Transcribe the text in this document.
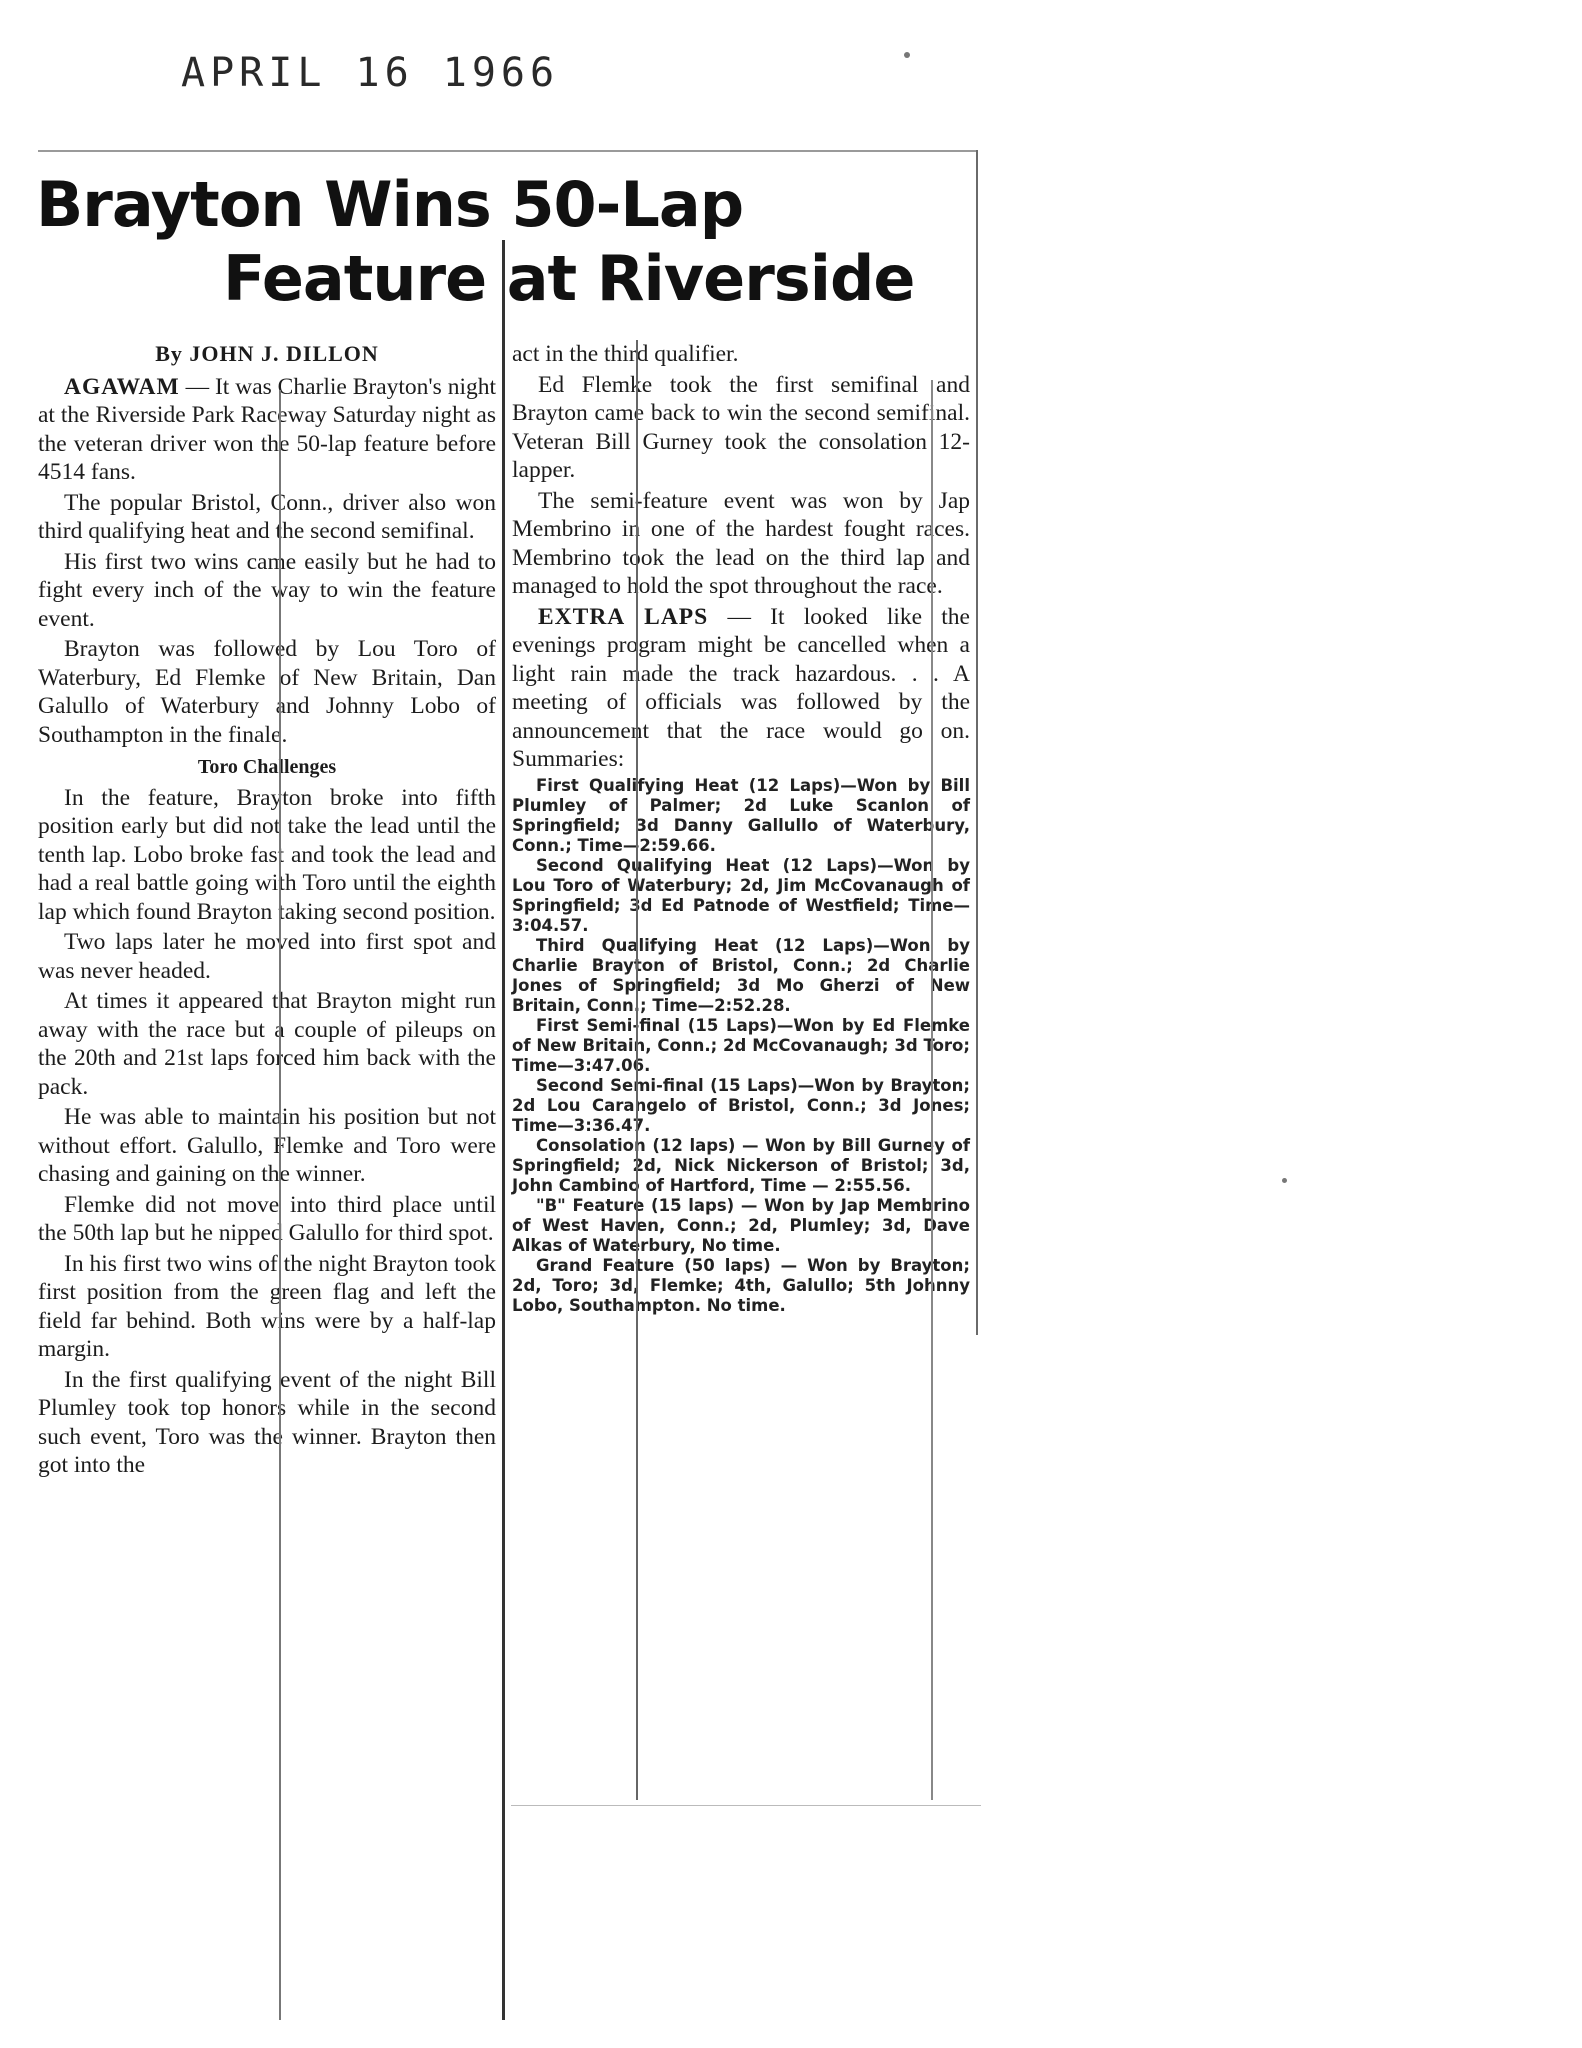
APRIL 16 1966
Brayton Wins 50-Lap
Feature at Riverside
By JOHN J. DILLON

AGAWAM — It was Charlie Brayton's night at the Riverside Park Raceway Saturday night as the veteran driver won the 50-lap feature before 4514 fans.

The popular Bristol, Conn., driver also won third qualifying heat and the second semifinal.

His first two wins came easily but he had to fight every inch of the way to win the feature event.

Brayton was followed by Lou Toro of Waterbury, Ed Flemke of New Britain, Dan Galullo of Waterbury and Johnny Lobo of Southampton in the finale.

Toro Challenges

In the feature, Brayton broke into fifth position early but did not take the lead until the tenth lap. Lobo broke fast and took the lead and had a real battle going with Toro until the eighth lap which found Brayton taking second position.

Two laps later he moved into first spot and was never headed.

At times it appeared that Brayton might run away with the race but a couple of pileups on the 20th and 21st laps forced him back with the pack.

He was able to maintain his position but not without effort. Galullo, Flemke and Toro were chasing and gaining on the winner.

Flemke did not move into third place until the 50th lap but he nipped Galullo for third spot.

In his first two wins of the night Brayton took first position from the green flag and left the field far behind. Both wins were by a half-lap margin.

In the first qualifying event of the night Bill Plumley took top honors while in the second such event, Toro was the winner. Brayton then got into the

act in the third qualifier.

Ed Flemke took the first semifinal and Brayton came back to win the second semifinal. Veteran Bill Gurney took the consolation 12-lapper.

The semi-feature event was won by Jap Membrino in one of the hardest fought races. Membrino took the lead on the third lap and managed to hold the spot throughout the race.

EXTRA LAPS — It looked like the evenings program might be cancelled when a light rain made the track hazardous. . . A meeting of officials was followed by the announcement that the race would go on. Summaries:

First Qualifying Heat (12 Laps)—Won by Bill Plumley of Palmer; 2d Luke Scanlon of Springfield; 3d Danny Gallullo of Waterbury, Conn.; Time—2:59.66.

Second Qualifying Heat (12 Laps)—Won by Lou Toro of Waterbury; 2d, Jim McCovanaugh of Springfield; 3d Ed Patnode of Westfield; Time—3:04.57.

Third Qualifying Heat (12 Laps)—Won by Charlie Brayton of Bristol, Conn.; 2d Charlie Jones of Springfield; 3d Mo Gherzi of New Britain, Conn.; Time—2:52.28.

First Semi-final (15 Laps)—Won by Ed Flemke of New Britain, Conn.; 2d McCovanaugh; 3d Toro; Time—3:47.06.

Second Semi-final (15 Laps)—Won by Brayton; 2d Lou Carangelo of Bristol, Conn.; 3d Jones; Time—3:36.47.

Consolation (12 laps) — Won by Bill Gurney of Springfield; 2d, Nick Nickerson of Bristol; 3d, John Cambino of Hartford, Time — 2:55.56.

"B" Feature (15 laps) — Won by Jap Membrino of West Haven, Conn.; 2d, Plumley; 3d, Dave Alkas of Waterbury, No time.

Grand Feature (50 laps) — Won by Brayton; 2d, Toro; 3d, Flemke; 4th, Galullo; 5th Johnny Lobo, Southampton. No time.
